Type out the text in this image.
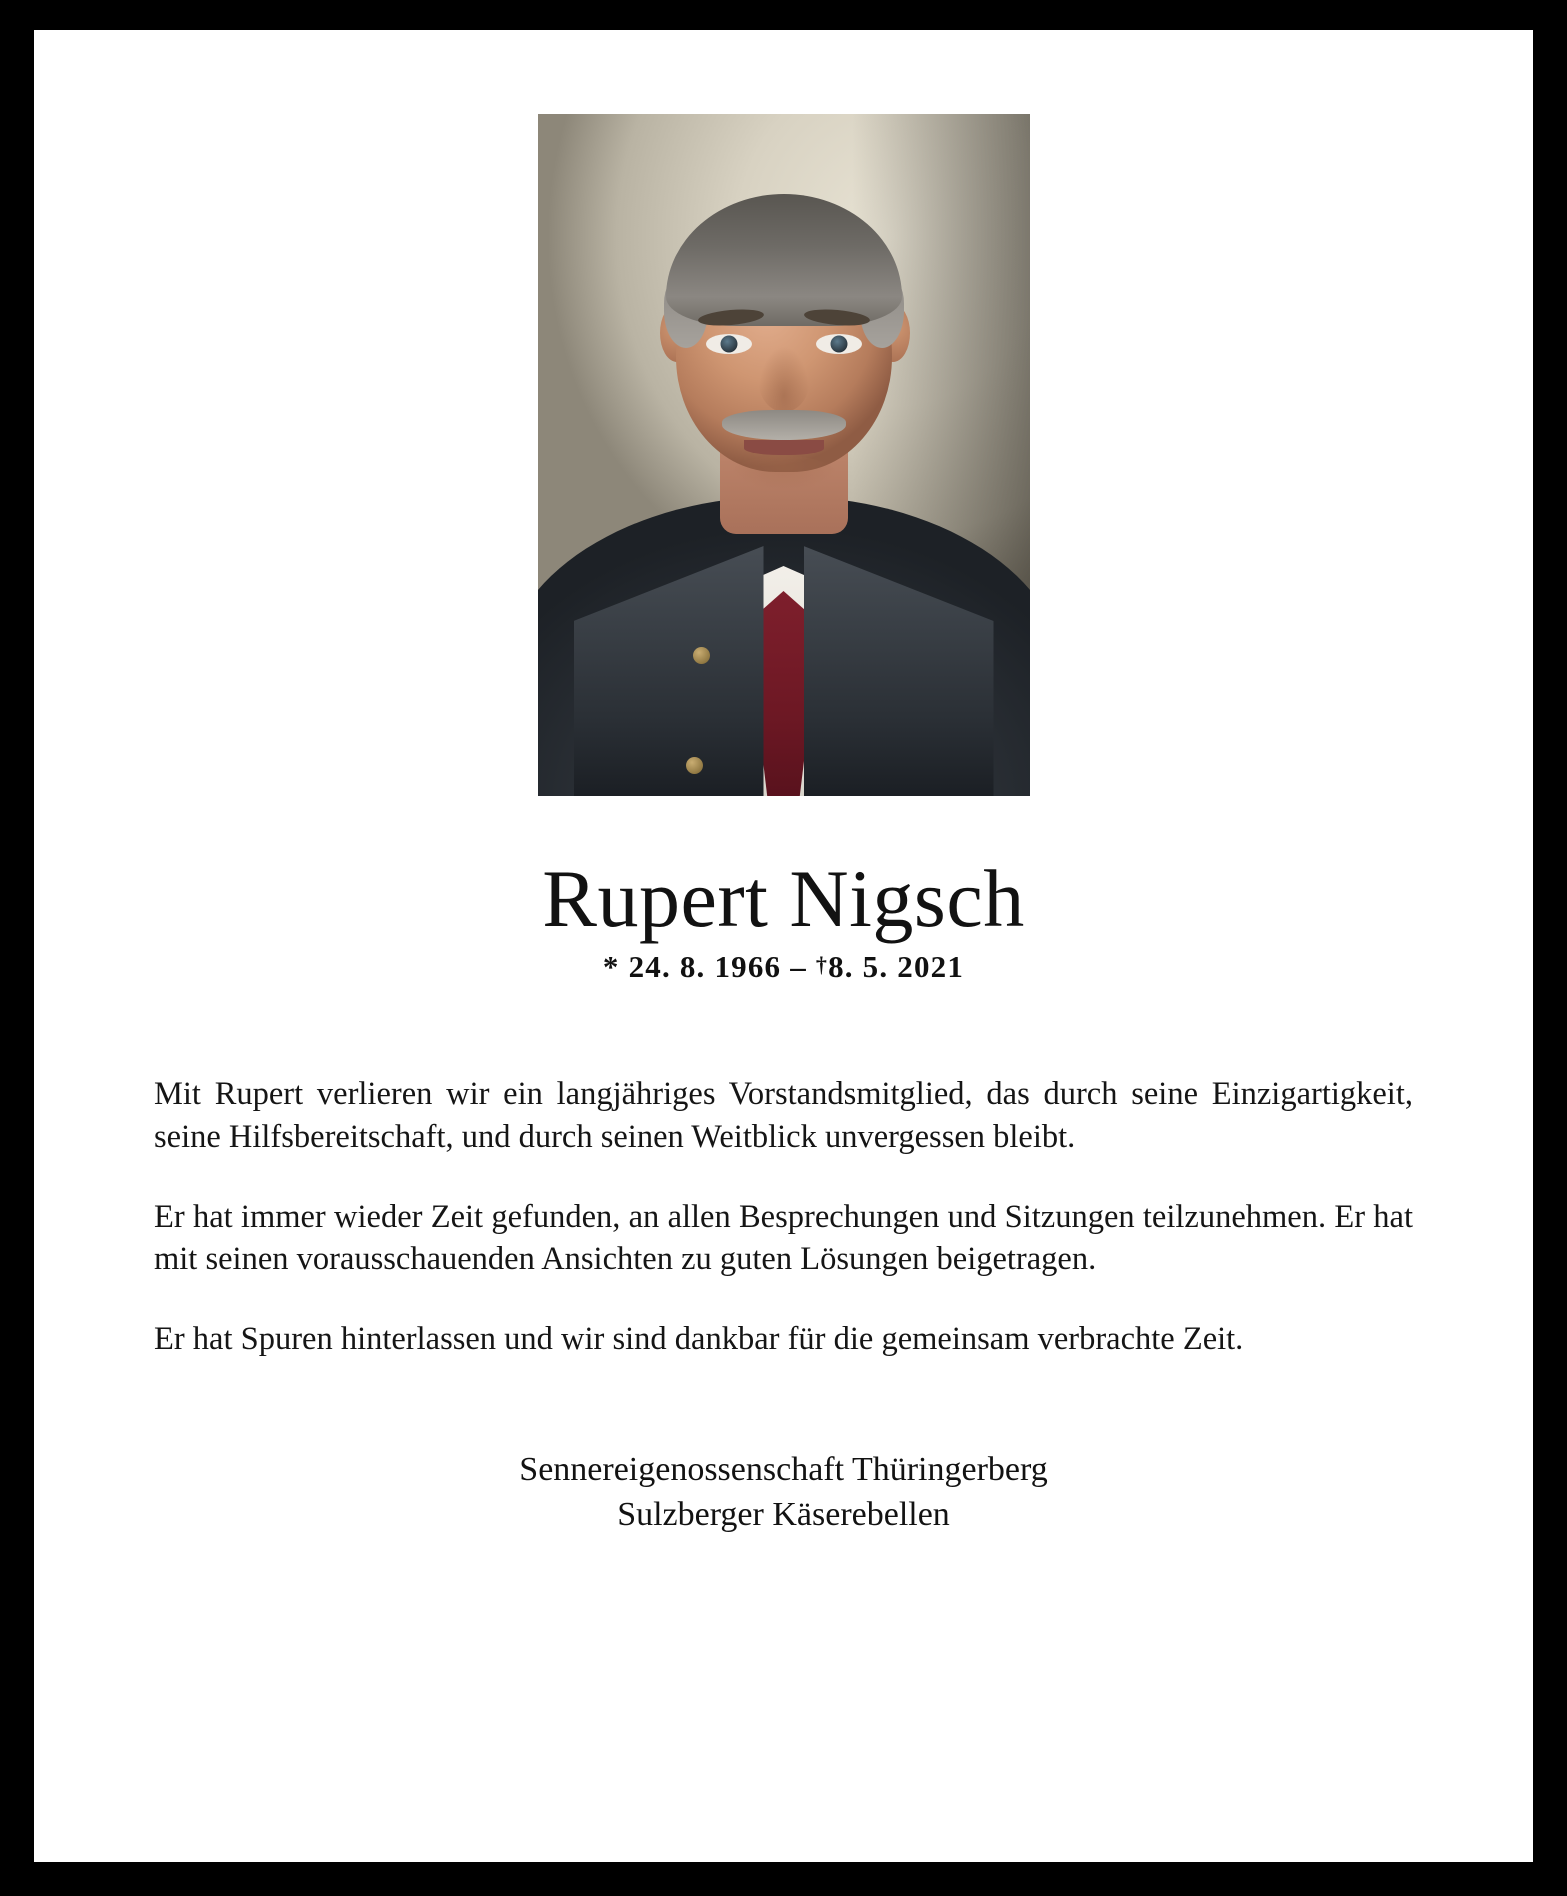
Rupert Nigsch
* 24. 8. 1966 – †8. 5. 2021

Mit Rupert verlieren wir ein langjähriges Vorstandsmitglied, das durch seine Einzigartigkeit, seine Hilfsbereitschaft, und durch seinen Weitblick unvergessen bleibt.

Er hat immer wieder Zeit gefunden, an allen Besprechungen und Sitzungen teilzunehmen. Er hat mit seinen vorausschauenden Ansichten zu guten Lösungen beigetragen.

Er hat Spuren hinterlassen und wir sind dankbar für die gemeinsam verbrachte Zeit.

Sennereigenossenschaft Thüringerberg
Sulzberger Käserebellen
